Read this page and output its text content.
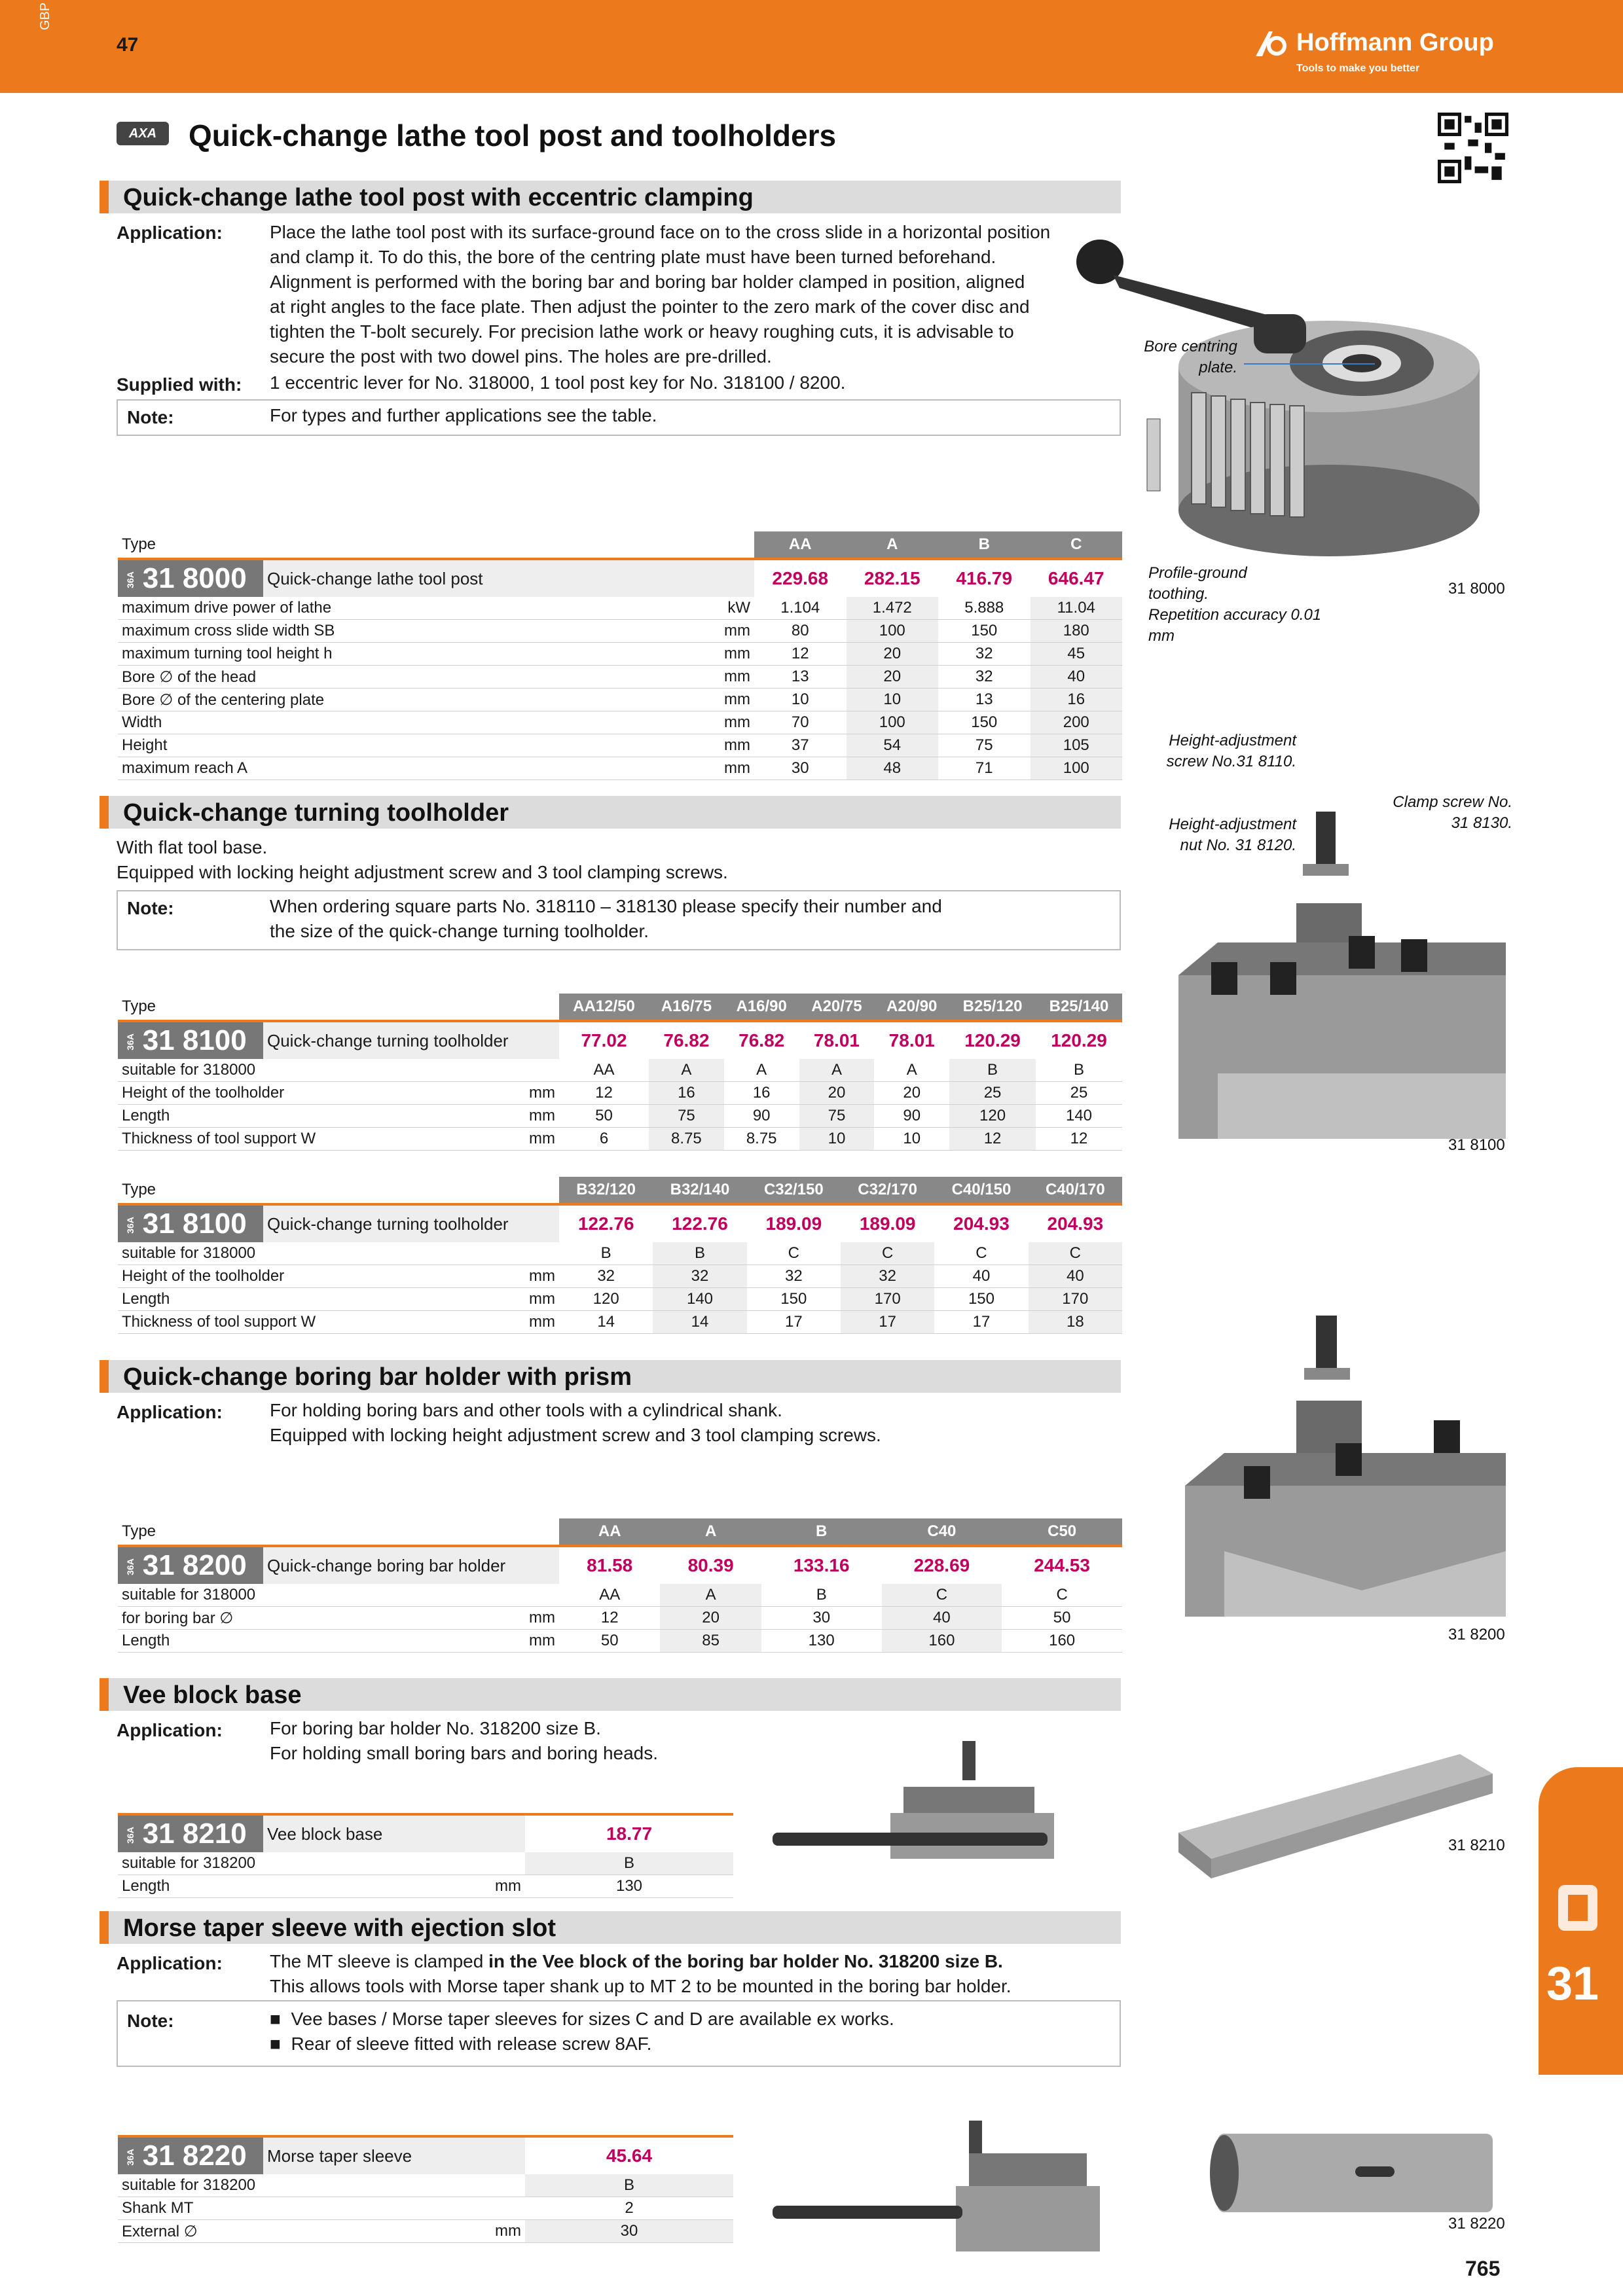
GBP
47	Hoffmann Group
Tools to make you better
AXA	Quick-change lathe tool post and toolholders
Quick-change lathe tool post with eccentric clamping
Application:	Place the lathe tool post with its surface-ground face on to the cross slide in a horizontal position
and clamp it. To do this, the bore of the centring plate must have been turned beforehand.
Alignment is performed with the boring bar and boring bar holder clamped in position, aligned
at right angles to the face plate. Then adjust the pointer to the zero mark of the cover disc and
tighten the T-bolt securely. For precision lathe work or heavy roughing cuts, it is advisable to
secure the post with two dowel pins. The holes are pre-drilled.
Supplied with: 1 eccentric lever for No. 318000, 1 tool post key for No. 318100 / 8200.
Note:	For types and further applications see the table.
Bore centring
plate.
Profile-ground
toothing.
Repetition accuracy 0.01
mm
31 8000
Type			AA	A	B	C
36A 31 8000	Quick-change lathe tool post		229.68	282.15	416.79	646.47
maximum drive power of lathe		kW	1.104	1.472	5.888	11.04
maximum cross slide width SB		mm	80	100	150	180
maximum turning tool height h		mm	12	20	32	45
Bore ∅ of the head		mm	13	20	32	40
Bore ∅ of the centering plate		mm	10	10	13	16
Width		mm	70	100	150	200
Height		mm	37	54	75	105
maximum reach A		mm	30	48	71	100
Quick-change turning toolholder
With flat tool base.
Equipped with locking height adjustment screw and 3 tool clamping screws.
Note:	When ordering square parts No. 318110 – 318130 please specify their number and
the size of the quick-change turning toolholder.
Height-adjustment
screw No.31 8110.
Height-adjustment
nut No. 31 8120.
Clamp screw No.
31 8130.
31 8100
Type			AA12/50	A16/75	A16/90	A20/75	A20/90	B25/120	B25/140
36A 31 8100	Quick-change turning toolholder		77.02	76.82	76.82	78.01	78.01	120.29	120.29
suitable for 318000			AA	A	A	A	A	B	B
Height of the toolholder		mm	12	16	16	20	20	25	25
Length		mm	50	75	90	75	90	120	140
Thickness of tool support W		mm	6	8.75	8.75	10	10	12	12
Type			B32/120	B32/140	C32/150	C32/170	C40/150	C40/170
36A 31 8100	Quick-change turning toolholder		122.76	122.76	189.09	189.09	204.93	204.93
suitable for 318000			B	B	C	C	C	C
Height of the toolholder		mm	32	32	32	32	40	40
Length		mm	120	140	150	170	150	170
Thickness of tool support W		mm	14	14	17	17	17	18
Quick-change boring bar holder with prism
Application:	For holding boring bars and other tools with a cylindrical shank.
Equipped with locking height adjustment screw and 3 tool clamping screws.
31 8200
Type			AA	A	B	C40	C50
36A 31 8200	Quick-change boring bar holder		81.58	80.39	133.16	228.69	244.53
suitable for 318000			AA	A	B	C	C
for boring bar ∅		mm	12	20	30	40	50
Length		mm	50	85	130	160	160
Vee block base
Application:	For boring bar holder No. 318200 size B.
For holding small boring bars and boring heads.
31 8210
36A 31 8210	Vee block base		18.77
suitable for 318200			B
Length		mm	130
Morse taper sleeve with ejection slot
Application:	The MT sleeve is clamped in the Vee block of the boring bar holder No. 318200 size B.
This allows tools with Morse taper shank up to MT 2 to be mounted in the boring bar holder.
Note:	■ Vee bases / Morse taper sleeves for sizes C and D are available ex works.
■ Rear of sleeve fitted with release screw 8AF.
31 8220
36A 31 8220	Morse taper sleeve		45.64
suitable for 318200			B
Shank MT			2
External ∅		mm	30
31
765
